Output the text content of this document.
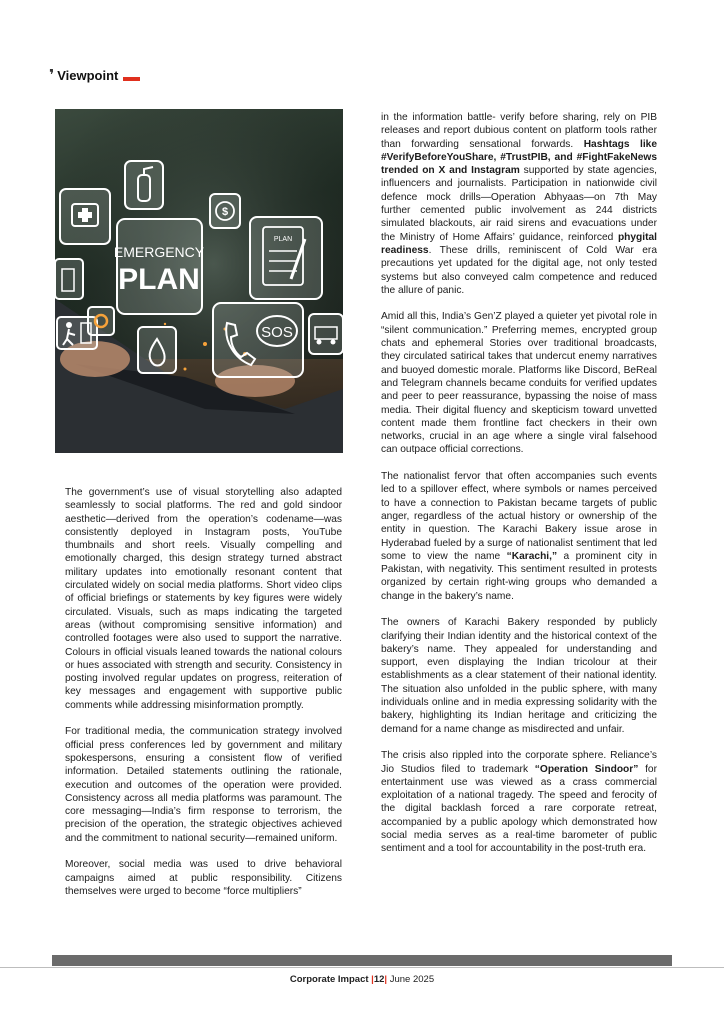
❜ Viewpoint
EMERGENCY
PLAN
PLAN
$
SOS

The government’s use of visual storytelling also adapted seamlessly to social platforms. The red and gold sindoor aesthetic—derived from the operation’s codename—was consistently deployed in Instagram posts, YouTube thumbnails and short reels. Visually compelling and emotionally charged, this design strategy turned abstract military updates into emotionally resonant content that circulated widely on social media platforms. Short video clips of official briefings or statements by key figures were widely circulated. Visuals, such as maps indicating the targeted areas (without compromising sensitive information) and controlled footages were also used to support the narrative. Colours in official visuals leaned towards the national colours or hues associated with strength and security. Consistency in posting involved regular updates on progress, reiteration of key messages and engagement with supportive public comments while addressing misinformation promptly.

For traditional media, the communication strategy involved official press conferences led by government and military spokespersons, ensuring a consistent flow of verified information. Detailed statements outlining the rationale, execution and outcomes of the operation were provided. Consistency across all media platforms was paramount. The core messaging—India’s firm response to terrorism, the precision of the operation, the strategic objectives achieved and the commitment to national security—remained uniform.

Moreover, social media was used to drive behavioral campaigns aimed at public responsibility. Citizens themselves were urged to become “force multipliers”

in the information battle- verify before sharing, rely on PIB releases and report dubious content on platform tools rather than forwarding sensational forwards. Hashtags like #VerifyBeforeYouShare, #TrustPIB, and #FightFakeNews trended on X and Instagram supported by state agencies, influencers and journalists. Participation in nationwide civil defence mock drills—Operation Abhyaas—on 7th May further cemented public involvement as 244 districts simulated blackouts, air raid sirens and evacuations under the Ministry of Home Affairs’ guidance, reinforced phygital readiness. These drills, reminiscent of Cold War era precautions yet updated for the digital age, not only tested systems but also conveyed calm competence and reduced the allure of panic.

Amid all this, India’s Gen’Z played a quieter yet pivotal role in “silent communication.” Preferring memes, encrypted group chats and ephemeral Stories over traditional broadcasts, they circulated satirical takes that undercut enemy narratives and buoyed domestic morale. Platforms like Discord, BeReal and Telegram channels became conduits for verified updates and peer to peer reassurance, bypassing the noise of mass media. Their digital fluency and skepticism toward unvetted content made them frontline fact checkers in their own networks, crucial in an age where a single viral falsehood can outpace official corrections.

The nationalist fervor that often accompanies such events led to a spillover effect, where symbols or names perceived to have a connection to Pakistan became targets of public anger, regardless of the actual history or ownership of the entity in question. The Karachi Bakery issue arose in Hyderabad fueled by a surge of nationalist sentiment that led some to view the name “Karachi,” a prominent city in Pakistan, with negativity. This sentiment resulted in protests organized by certain right-wing groups who demanded a change in the bakery’s name.

The owners of Karachi Bakery responded by publicly clarifying their Indian identity and the historical context of the bakery’s name. They appealed for understanding and support, even displaying the Indian tricolour at their establishments as a clear statement of their national identity. The situation also unfolded in the public sphere, with many individuals online and in media expressing solidarity with the bakery, highlighting its Indian heritage and criticizing the demand for a name change as misdirected and unfair.

The crisis also rippled into the corporate sphere. Reliance’s Jio Studios filed to trademark “Operation Sindoor” for entertainment use was viewed as a crass commercial exploitation of a national tragedy. The speed and ferocity of the digital backlash forced a rare corporate retreat, accompanied by a public apology which demonstrated how social media serves as a real-time barometer of public sentiment and a tool for accountability in the post-truth era.

Corporate Impact |12| June 2025
